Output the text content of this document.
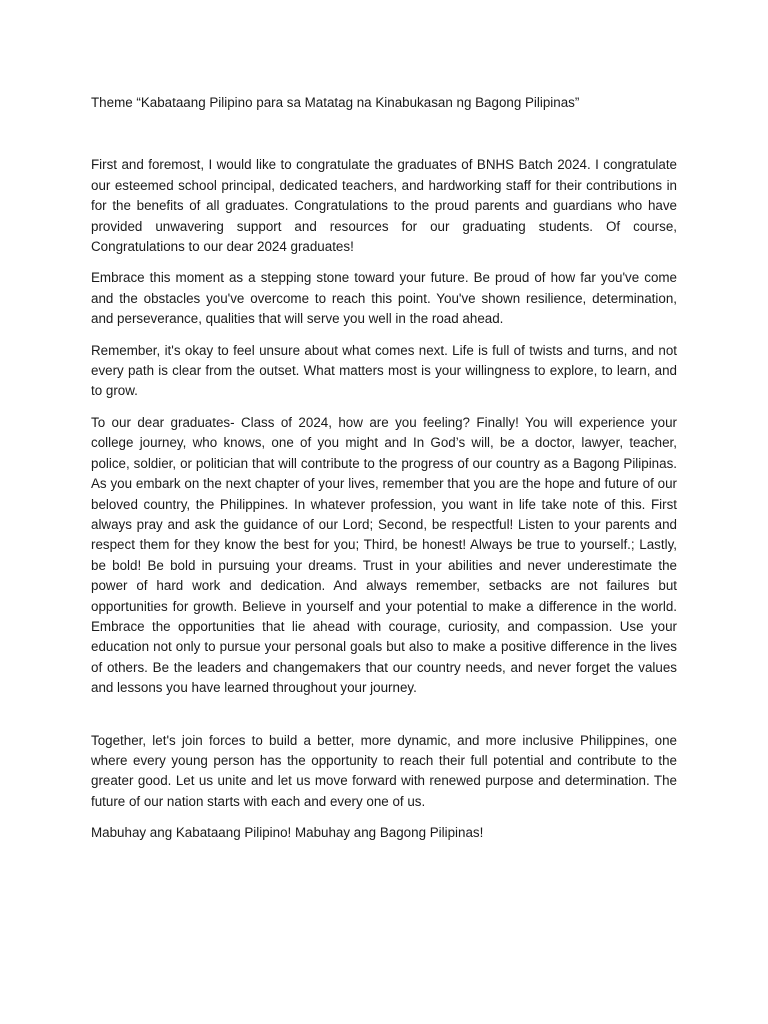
Theme “Kabataang Pilipino para sa Matatag na Kinabukasan ng Bagong Pilipinas”

First and foremost, I would like to congratulate the graduates of BNHS Batch 2024. I congratulate our esteemed school principal, dedicated teachers, and hardworking staff for their contributions in for the benefits of all graduates. Congratulations to the proud parents and guardians who have provided unwavering support and resources for our graduating students. Of course, Congratulations to our dear 2024 graduates!

Embrace this moment as a stepping stone toward your future. Be proud of how far you've come and the obstacles you've overcome to reach this point. You've shown resilience, determination, and perseverance, qualities that will serve you well in the road ahead.

Remember, it's okay to feel unsure about what comes next. Life is full of twists and turns, and not every path is clear from the outset. What matters most is your willingness to explore, to learn, and to grow.

To our dear graduates- Class of 2024, how are you feeling? Finally! You will experience your college journey, who knows, one of you might and In God’s will, be a doctor, lawyer, teacher, police, soldier, or politician that will contribute to the progress of our country as a Bagong Pilipinas. As you embark on the next chapter of your lives, remember that you are the hope and future of our beloved country, the Philippines. In whatever profession, you want in life take note of this. First always pray and ask the guidance of our Lord; Second, be respectful! Listen to your parents and respect them for they know the best for you; Third, be honest! Always be true to yourself.; Lastly, be bold! Be bold in pursuing your dreams. Trust in your abilities and never underestimate the power of hard work and dedication. And always remember, setbacks are not failures but opportunities for growth. Believe in yourself and your potential to make a difference in the world. Embrace the opportunities that lie ahead with courage, curiosity, and compassion. Use your education not only to pursue your personal goals but also to make a positive difference in the lives of others. Be the leaders and changemakers that our country needs, and never forget the values and lessons you have learned throughout your journey.

Together, let's join forces to build a better, more dynamic, and more inclusive Philippines, one where every young person has the opportunity to reach their full potential and contribute to the greater good. Let us unite and let us move forward with renewed purpose and determination. The future of our nation starts with each and every one of us.

Mabuhay ang Kabataang Pilipino! Mabuhay ang Bagong Pilipinas!
